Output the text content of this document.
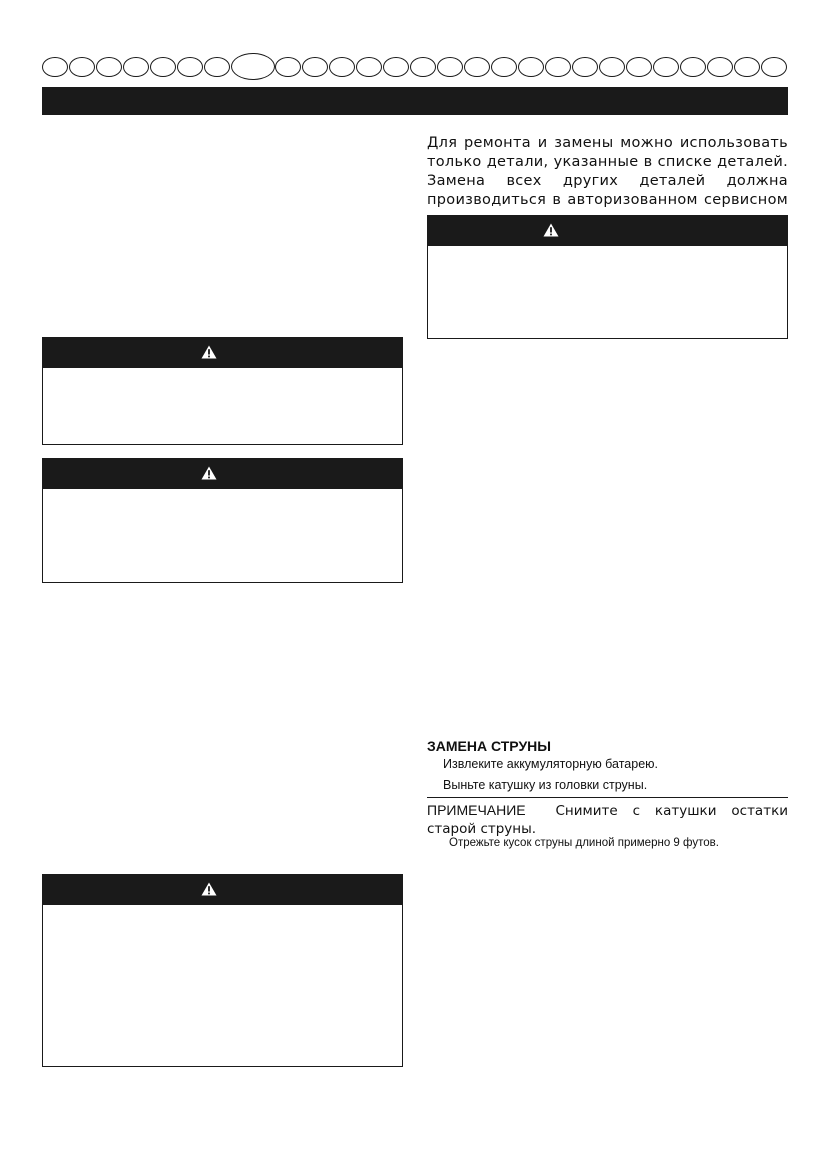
Для ремонта и замены можно использовать только детали, указанные в списке деталей. Замена всех других деталей должна производиться в авторизованном сервисном
ЗАМЕНА СТРУНЫ
Извлеките аккумуляторную батарею.
Выньте катушку из головки струны.
ПРИМЕЧАНИЕ Снимите с катушки остатки старой струны.
Отрежьте кусок струны длиной примерно 9 футов.
